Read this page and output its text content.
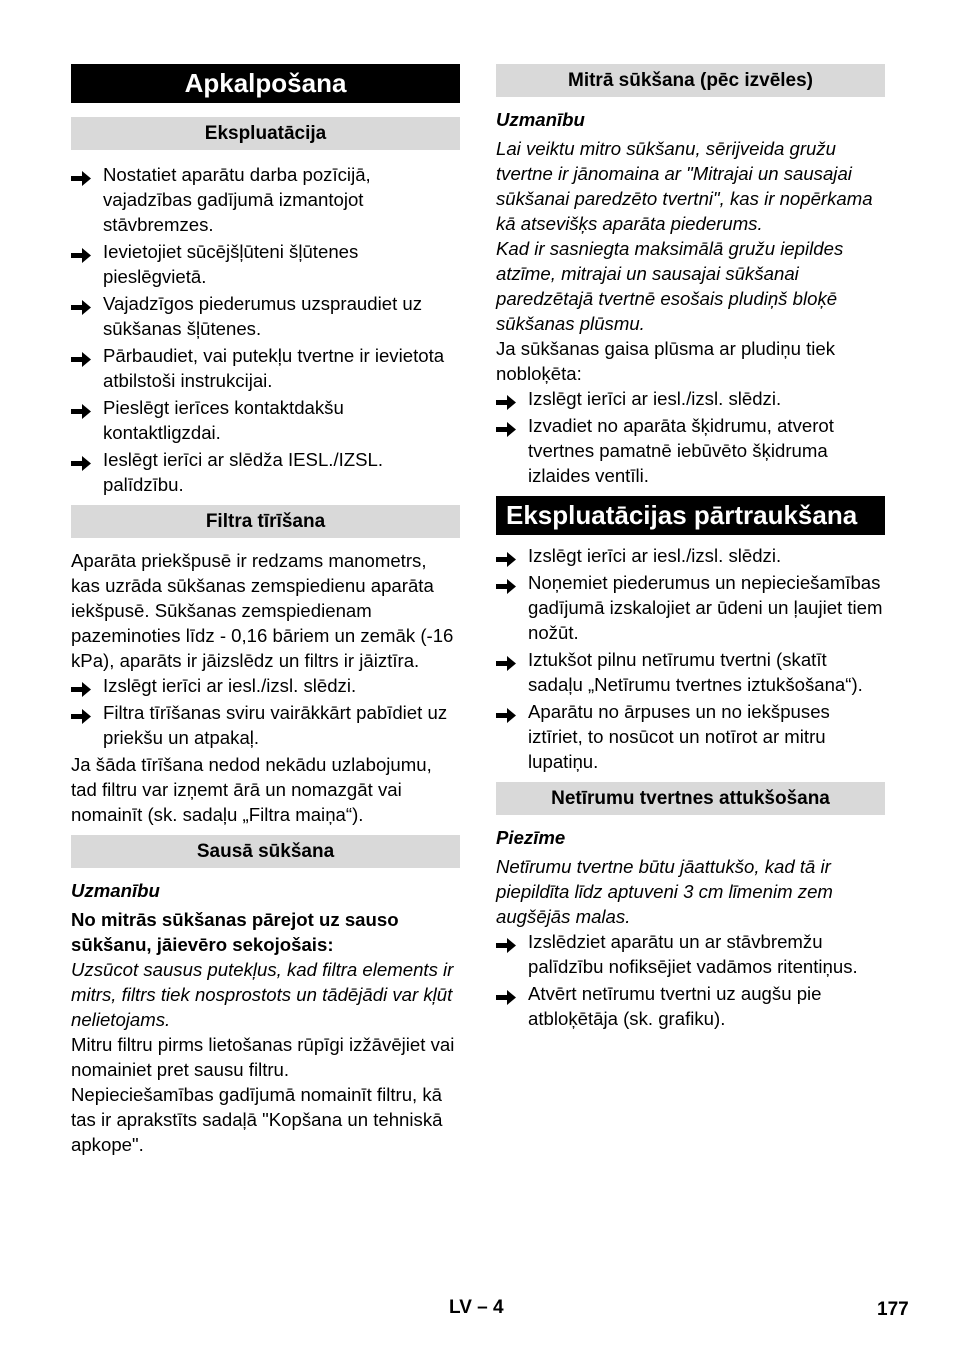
Apkalpošana
Ekspluatācija
Nostatiet aparātu darba pozīcijā, vajadzības gadījumā izmantojot stāvbremzes.
Ievietojiet sūcējšļūteni šļūtenes pieslēgvietā.
Vajadzīgos piederumus uzspraudiet uz sūkšanas šļūtenes.
Pārbaudiet, vai putekļu tvertne ir ievietota atbilstoši instrukcijai.
Pieslēgt ierīces kontaktdakšu kontaktligzdai.
Ieslēgt ierīci ar slēdža IESL./IZSL. palīdzību.
Filtra tīrīšana

Aparāta priekšpusē ir redzams manometrs, kas uzrāda sūkšanas zemspiedienu aparāta iekšpusē. Sūkšanas zemspiedienam pazeminoties līdz - 0,16 bāriem un zemāk (-16 kPa), aparāts ir jāizslēdz un filtrs ir jāiztīra.

Izslēgt ierīci ar iesl./izsl. slēdzi.
Filtra tīrīšanas sviru vairākkārt pabīdiet uz priekšu un atpakaļ.

Ja šāda tīrīšana nedod nekādu uzlabojumu, tad filtru var izņemt ārā un nomazgāt vai nomainīt (sk. sadaļu „Filtra maiņa“).

Sausā sūkšana

Uzmanību

No mitrās sūkšanas pārejot uz sauso sūkšanu, jāievēro sekojošais:

Uzsūcot sausus putekļus, kad filtra elements ir mitrs, filtrs tiek nosprostots un tādējādi var kļūt nelietojams.

Mitru filtru pirms lietošanas rūpīgi izžāvējiet vai nomainiet pret sausu filtru.

Nepieciešamības gadījumā nomainīt filtru, kā tas ir aprakstīts sadaļā "Kopšana un tehniskā apkope".

Mitrā sūkšana (pēc izvēles)

Uzmanību

Lai veiktu mitro sūkšanu, sērijveida gružu tvertne ir jānomaina ar "Mitrajai un sausajai sūkšanai paredzēto tvertni", kas ir nopērkama kā atsevišķs aparāta piederums.

Kad ir sasniegta maksimālā gružu iepildes atzīme, mitrajai un sausajai sūkšanai paredzētajā tvertnē esošais pludiņš bloķē sūkšanas plūsmu.

Ja sūkšanas gaisa plūsma ar pludiņu tiek nobloķēta:

Izslēgt ierīci ar iesl./izsl. slēdzi.
Izvadiet no aparāta šķidrumu, atverot tvertnes pamatnē iebūvēto šķidruma izlaides ventīli.
Ekspluatācijas pārtraukšana
Izslēgt ierīci ar iesl./izsl. slēdzi.
Noņemiet piederumus un nepieciešamības gadījumā izskalojiet ar ūdeni un ļaujiet tiem nožūt.
Iztukšot pilnu netīrumu tvertni (skatīt sadaļu „Netīrumu tvertnes iztukšošana“).
Aparātu no ārpuses un no iekšpuses iztīriet, to nosūcot un notīrot ar mitru lupatiņu.
Netīrumu tvertnes attukšošana

Piezīme

Netīrumu tvertne būtu jāattukšo, kad tā ir piepildīta līdz aptuveni 3 cm līmenim zem augšējās malas.

Izslēdziet aparātu un ar stāvbremžu palīdzību nofiksējiet vadāmos ritentiņus.
Atvērt netīrumu tvertni uz augšu pie atbloķētāja (sk. grafiku).
LV – 4	177
